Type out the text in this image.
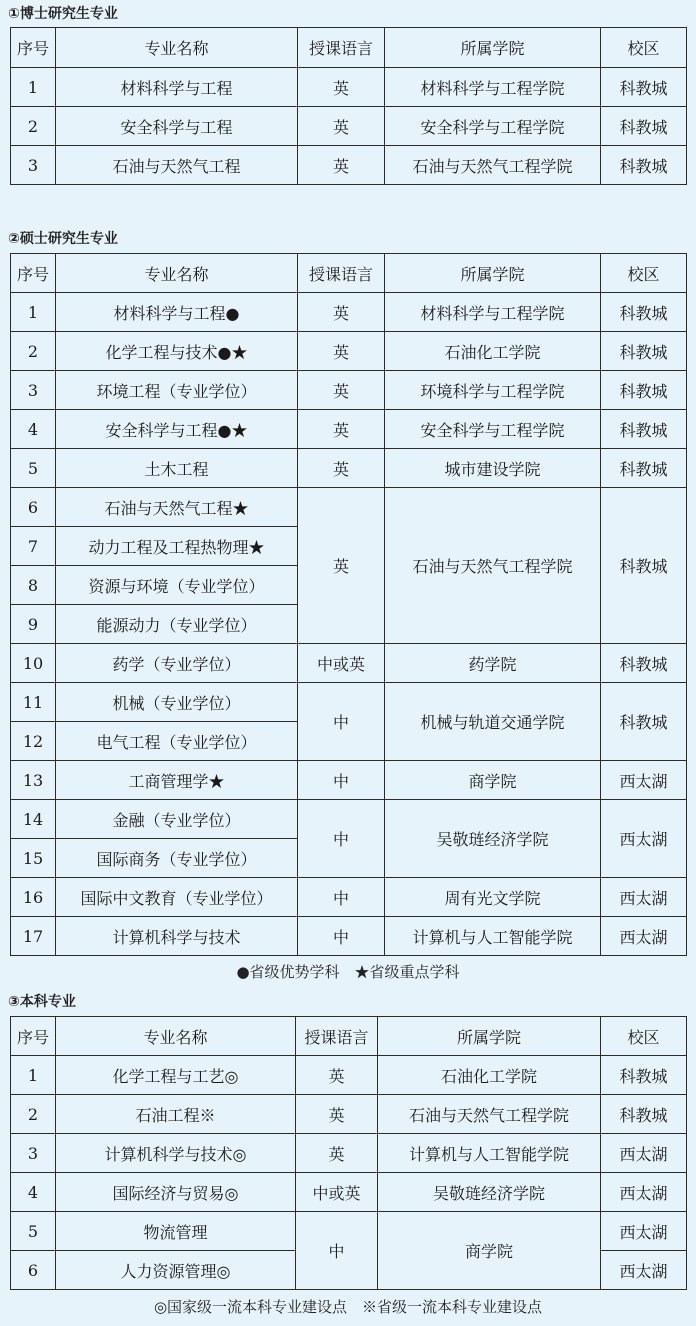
①博士研究生专业
序号	专业名称	授课语言	所属学院	校区
1	材料科学与工程	英	材料科学与工程学院	科教城
2	安全科学与工程	英	安全科学与工程学院	科教城
3	石油与天然气工程	英	石油与天然气工程学院	科教城
②硕士研究生专业
序号	专业名称	授课语言	所属学院	校区
1	材料科学与工程●	英	材料科学与工程学院	科教城
2	化学工程与技术●★	英	石油化工学院	科教城
3	环境工程（专业学位）	英	环境科学与工程学院	科教城
4	安全科学与工程●★	英	安全科学与工程学院	科教城
5	土木工程	英	城市建设学院	科教城
6	石油与天然气工程★	英	石油与天然气工程学院	科教城
7	动力工程及工程热物理★			
8	资源与环境（专业学位）			
9	能源动力（专业学位）			
10	药学（专业学位）	中或英	药学院	科教城
11	机械（专业学位）	中	机械与轨道交通学院	科教城
12	电气工程（专业学位）			
13	工商管理学★	中	商学院	西太湖
14	金融（专业学位）	中	吴敬琏经济学院	西太湖
15	国际商务（专业学位）			
16	国际中文教育（专业学位）	中	周有光文学院	西太湖
17	计算机科学与技术	中	计算机与人工智能学院	西太湖
●省级优势学科　★省级重点学科
③本科专业
序号	专业名称	授课语言	所属学院	校区
1	化学工程与工艺◎	英	石油化工学院	科教城
2	石油工程※	英	石油与天然气工程学院	科教城
3	计算机科学与技术◎	英	计算机与人工智能学院	西太湖
4	国际经济与贸易◎	中或英	吴敬琏经济学院	西太湖
5	物流管理	中	商学院	西太湖
6	人力资源管理◎			西太湖
◎国家级一流本科专业建设点　※省级一流本科专业建设点
